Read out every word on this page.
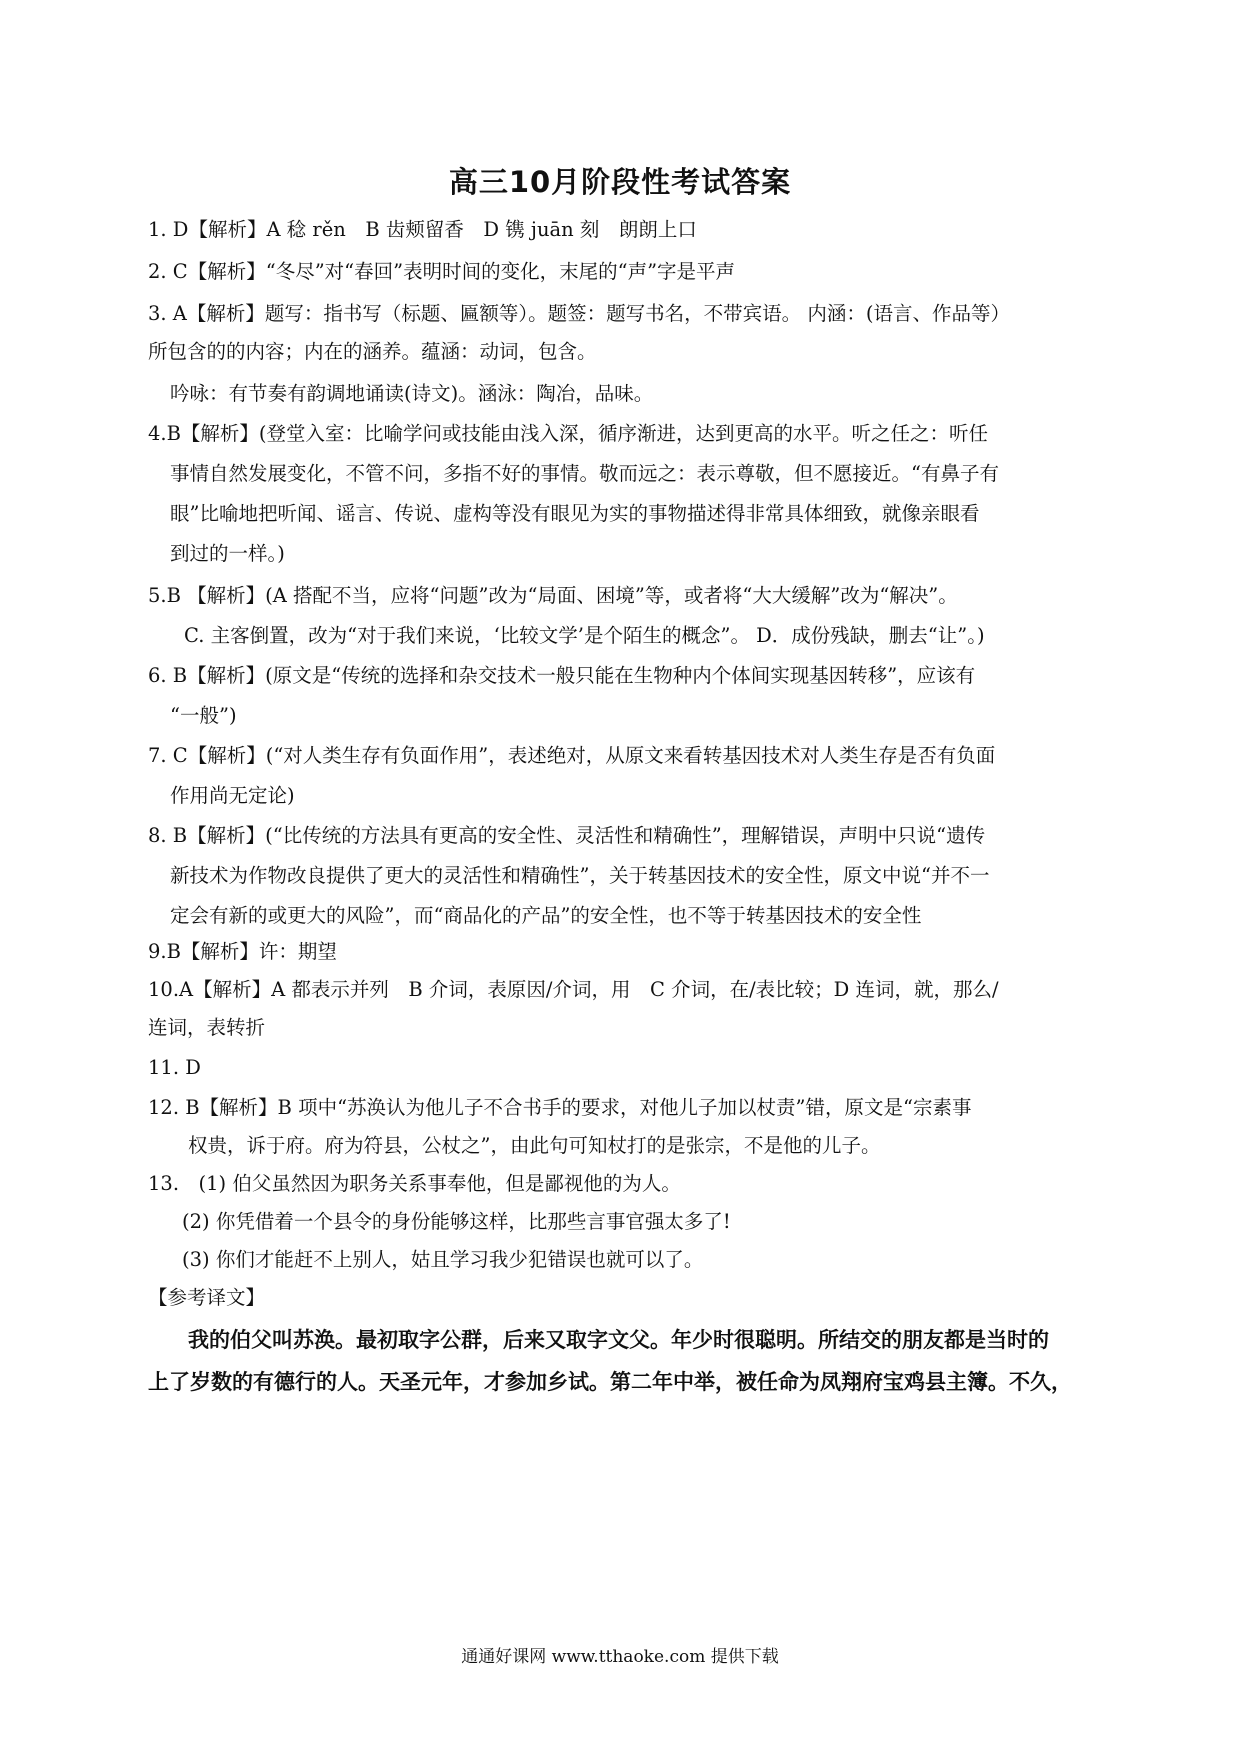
高三10月阶段性考试答案
1. D【解析】A 稔 rěn　B 齿颊留香　D 镌 juān 刻　朗朗上口
2. C【解析】“冬尽”对“春回”表明时间的变化，末尾的“声”字是平声
3. A【解析】题写：指书写（标题、匾额等）。题签：题写书名，不带宾语。 内涵：(语言、作品等）
所包含的的内容；内在的涵养。蕴涵：动词，包含。
吟咏：有节奏有韵调地诵读(诗文)。涵泳：陶冶，品味。
4.B【解析】(登堂入室：比喻学问或技能由浅入深，循序渐进，达到更高的水平。听之任之：听任
事情自然发展变化，不管不问，多指不好的事情。敬而远之：表示尊敬，但不愿接近。“有鼻子有
眼”比喻地把听闻、谣言、传说、虚构等没有眼见为实的事物描述得非常具体细致，就像亲眼看
到过的一样。)
5.B 【解析】(A 搭配不当，应将“问题”改为“局面、困境”等，或者将“大大缓解”改为“解决”。
C. 主客倒置，改为“对于我们来说，‘比较文学’是个陌生的概念”。 D．成份残缺，删去“让”。)
6. B【解析】(原文是“传统的选择和杂交技术一般只能在生物种内个体间实现基因转移”，应该有
“一般”)
7. C【解析】(“对人类生存有负面作用”，表述绝对，从原文来看转基因技术对人类生存是否有负面
作用尚无定论)
8. B【解析】(“比传统的方法具有更高的安全性、灵活性和精确性”，理解错误，声明中只说“遗传
新技术为作物改良提供了更大的灵活性和精确性”，关于转基因技术的安全性，原文中说“并不一
定会有新的或更大的风险”，而“商品化的产品”的安全性，也不等于转基因技术的安全性
9.B【解析】许：期望
10.A【解析】A 都表示并列　B 介词，表原因/介词，用　C 介词，在/表比较；D 连词，就，那么/
连词，表转折
11. D
12. B【解析】B 项中“苏涣认为他儿子不合书手的要求，对他儿子加以杖责”错，原文是“宗素事
权贵，诉于府。府为符县，公杖之”，由此句可知杖打的是张宗，不是他的儿子。
13.　(1) 伯父虽然因为职务关系事奉他，但是鄙视他的为人。
(2) 你凭借着一个县令的身份能够这样，比那些言事官强太多了!
(3) 你们才能赶不上别人，姑且学习我少犯错误也就可以了。
【参考译文】
我的伯父叫苏涣。最初取字公群，后来又取字文父。年少时很聪明。所结交的朋友都是当时的
上了岁数的有德行的人。天圣元年，才参加乡试。第二年中举，被任命为凤翔府宝鸡县主簿。不久，
通通好课网 www.tthaoke.com 提供下载
